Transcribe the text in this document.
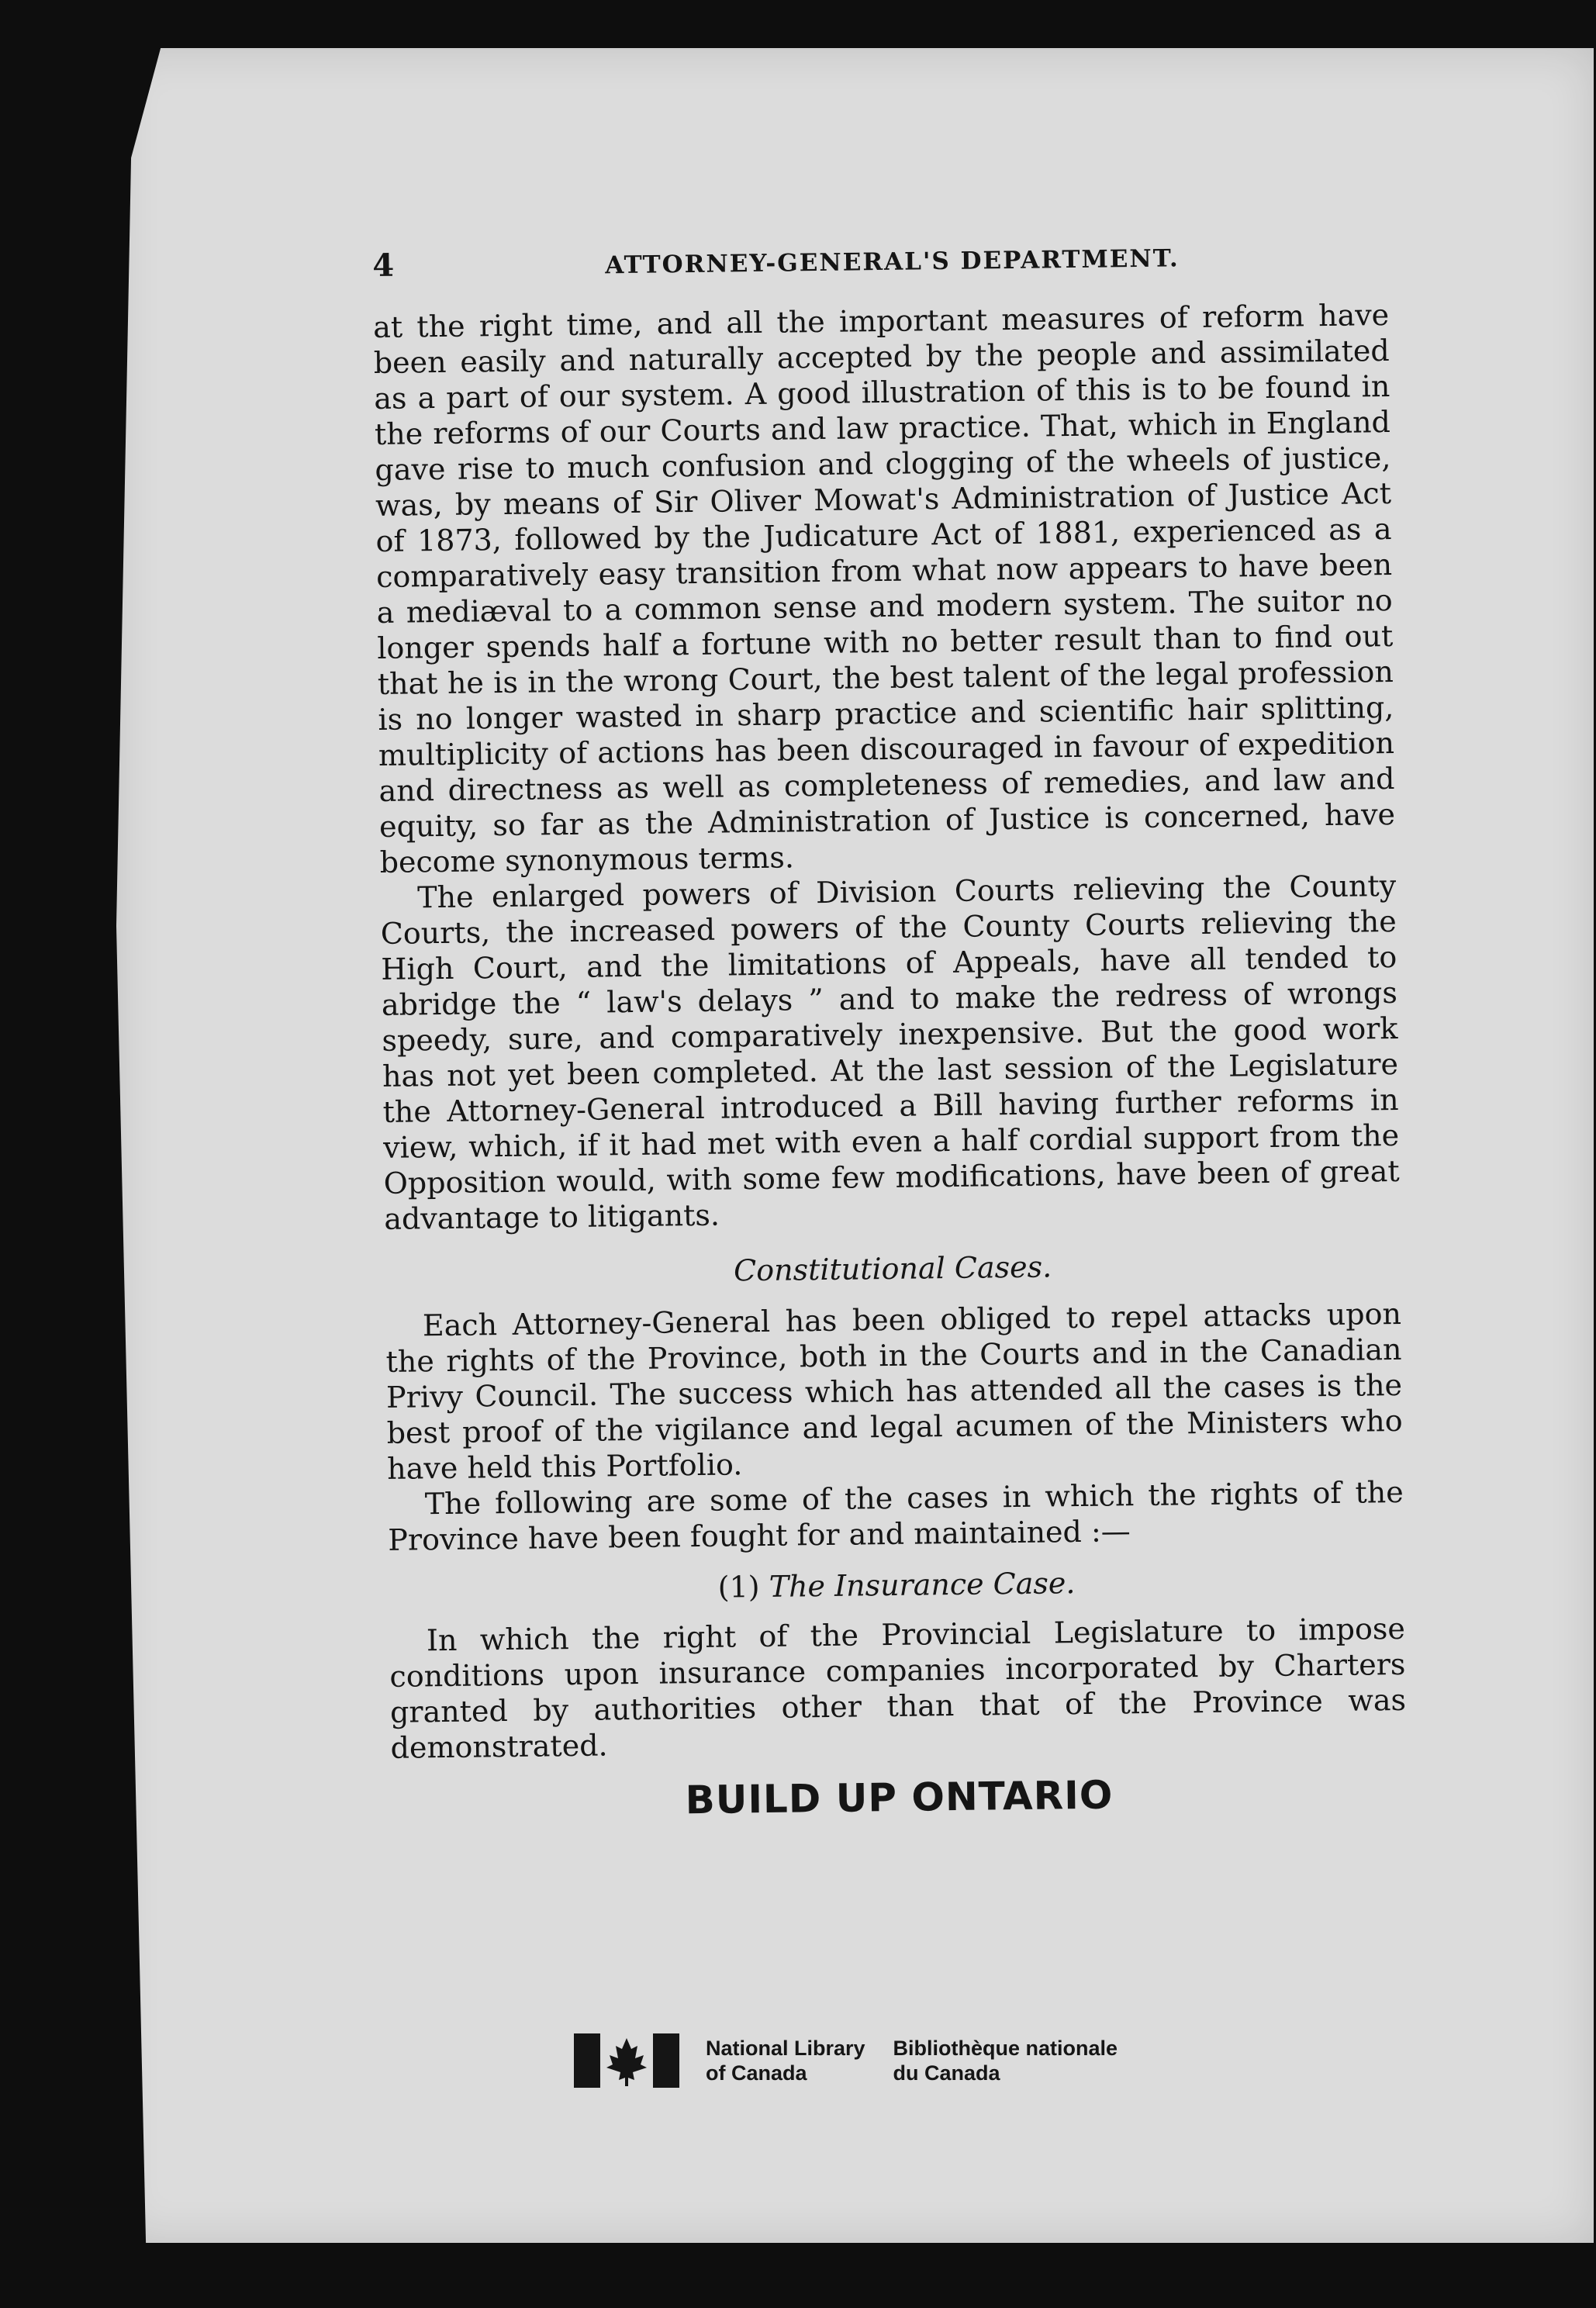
4	ATTORNEY-GENERAL'S DEPARTMENT.

at the right time, and all the important measures of reform have been easily and naturally accepted by the people and assimilated as a part of our system. A good illustration of this is to be found in the reforms of our Courts and law practice. That, which in England gave rise to much confusion and clogging of the wheels of justice, was, by means of Sir Oliver Mowat's Administration of Justice Act of 1873, followed by the Judicature Act of 1881, experienced as a comparatively easy transition from what now appears to have been a mediæval to a common sense and modern system. The suitor no longer spends half a fortune with no better result than to find out that he is in the wrong Court, the best talent of the legal profession is no longer wasted in sharp practice and scientific hair splitting, multiplicity of actions has been discouraged in favour of expedition and directness as well as completeness of remedies, and law and equity, so far as the Administration of Justice is concerned, have become synonymous terms.

The enlarged powers of Division Courts relieving the County Courts, the increased powers of the County Courts relieving the High Court, and the limitations of Appeals, have all tended to abridge the “ law's delays ” and to make the redress of wrongs speedy, sure, and comparatively inexpensive. But the good work has not yet been completed. At the last session of the Legislature the Attorney-General introduced a Bill having further reforms in view, which, if it had met with even a half cordial support from the Opposition would, with some few modifications, have been of great advantage to litigants.

Constitutional Cases.

Each Attorney-General has been obliged to repel attacks upon the rights of the Province, both in the Courts and in the Canadian Privy Council. The success which has attended all the cases is the best proof of the vigilance and legal acumen of the Ministers who have held this Portfolio.

The following are some of the cases in which the rights of the Province have been fought for and maintained :—

(1) The Insurance Case.

In which the right of the Provincial Legislature to impose conditions upon insurance companies incorporated by Charters granted by authorities other than that of the Province was demonstrated.

BUILD UP ONTARIO
National Library
of Canada
Bibliothèque nationale
du Canada
